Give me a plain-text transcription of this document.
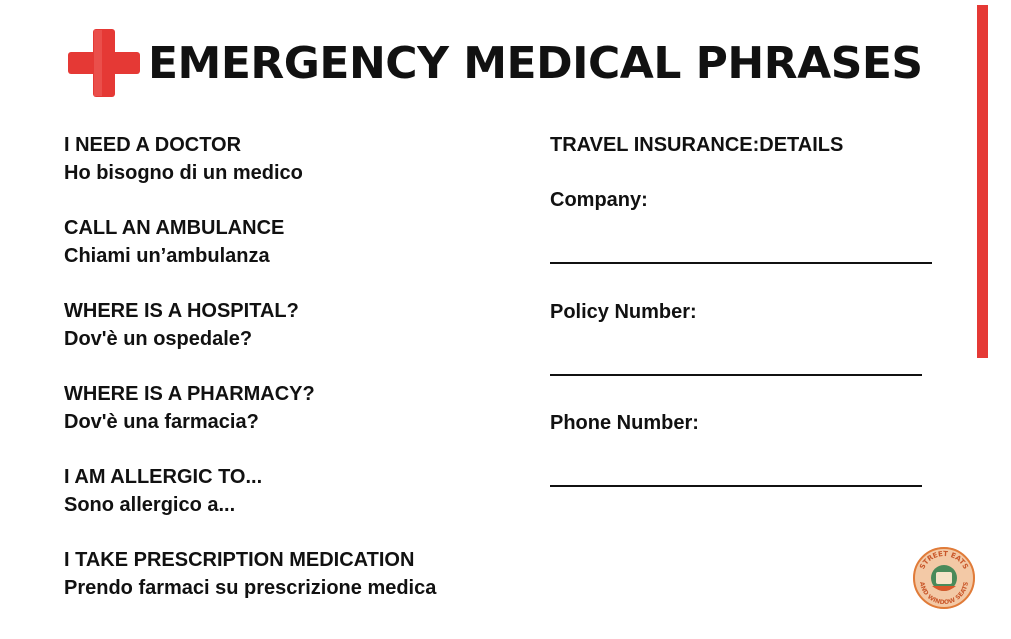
EMERGENCY MEDICAL PHRASES
I NEED A DOCTOR
Ho bisogno di un medico
CALL AN AMBULANCE
Chiami un’ambulanza
WHERE IS A HOSPITAL?
Dov'è un ospedale?
WHERE IS A PHARMACY?
Dov'è una farmacia?
I AM ALLERGIC TO...
Sono allergico a...
I TAKE PRESCRIPTION MEDICATION
Prendo farmaci su prescrizione medica
TRAVEL INSURANCE:DETAILS
Company:
Policy Number:
Phone Number:
STREET EATS
AND WINDOW SEATS
